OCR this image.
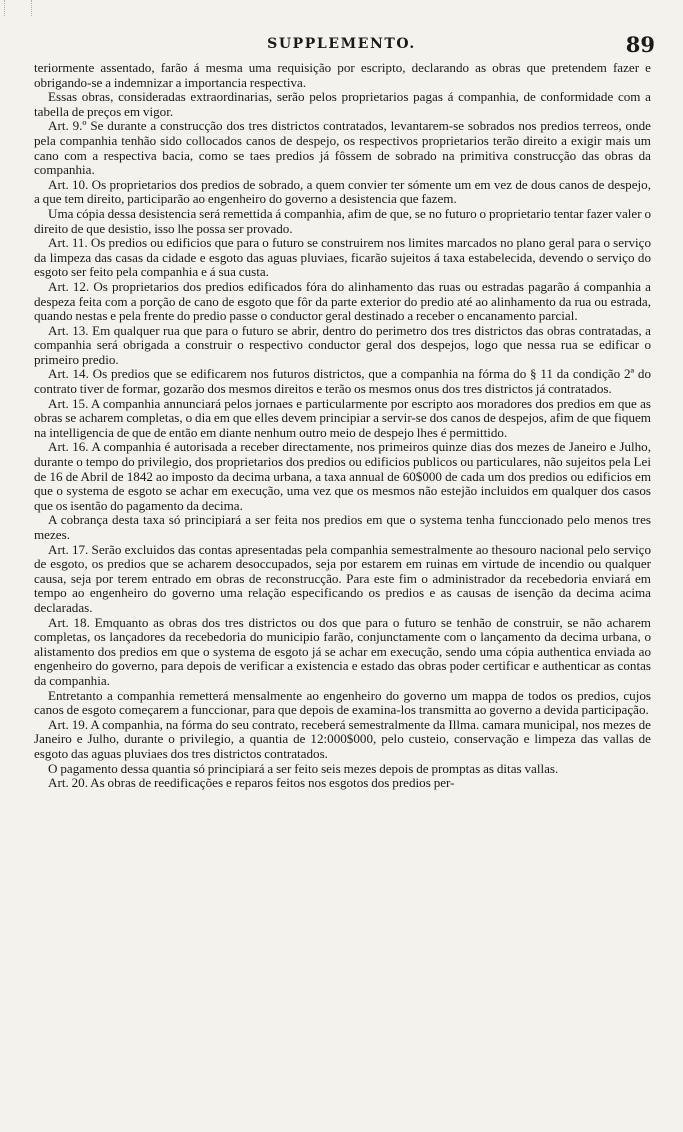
SUPPLEMENTO.	89

teriormente assentado, farão á mesma uma requisição por escripto, declarando as obras que pretendem fazer e obrigando-se a indemnizar a importancia respectiva.

Essas obras, consideradas extraordinarias, serão pelos proprietarios pagas á companhia, de conformidade com a tabella de preços em vigor.

Art. 9.º Se durante a construcção dos tres districtos contratados, levantarem-se sobrados nos predios terreos, onde pela companhia tenhão sido collocados canos de despejo, os respectivos proprietarios terão direito a exigir mais um cano com a respectiva bacia, como se taes predios já fôssem de sobrado na primitiva construcção das obras da companhia.

Art. 10. Os proprietarios dos predios de sobrado, a quem convier ter sómente um em vez de dous canos de despejo, a que tem direito, participarão ao engenheiro do governo a desistencia que fazem.

Uma cópia dessa desistencia será remettida á companhia, afim de que, se no futuro o proprietario tentar fazer valer o direito de que desistio, isso lhe possa ser provado.

Art. 11. Os predios ou edificios que para o futuro se construirem nos limites marcados no plano geral para o serviço da limpeza das casas da cidade e esgoto das aguas pluviaes, ficarão sujeitos á taxa estabelecida, devendo o serviço do esgoto ser feito pela companhia e á sua custa.

Art. 12. Os proprietarios dos predios edificados fóra do alinhamento das ruas ou estradas pagarão á companhia a despeza feita com a porção de cano de esgoto que fôr da parte exterior do predio até ao alinhamento da rua ou estrada, quando nestas e pela frente do predio passe o conductor geral destinado a receber o encanamento parcial.

Art. 13. Em qualquer rua que para o futuro se abrir, dentro do perimetro dos tres districtos das obras contratadas, a companhia será obrigada a construir o respectivo conductor geral dos despejos, logo que nessa rua se edificar o primeiro predio.

Art. 14. Os predios que se edificarem nos futuros districtos, que a companhia na fórma do § 11 da condição 2ª do contrato tiver de formar, gozarão dos mesmos direitos e terão os mesmos onus dos tres districtos já contratados.

Art. 15. A companhia annunciará pelos jornaes e particularmente por escripto aos moradores dos predios em que as obras se acharem completas, o dia em que elles devem principiar a servir-se dos canos de despejos, afim de que fiquem na intelligencia de que de então em diante nenhum outro meio de despejo lhes é permittido.

Art. 16. A companhia é autorisada a receber directamente, nos primeiros quinze dias dos mezes de Janeiro e Julho, durante o tempo do privilegio, dos proprietarios dos predios ou edificios publicos ou particulares, não sujeitos pela Lei de 16 de Abril de 1842 ao imposto da decima urbana, a taxa annual de 60$000 de cada um dos predios ou edificios em que o systema de esgoto se achar em execução, uma vez que os mesmos não estejão incluidos em qualquer dos casos que os isentão do pagamento da decima.

A cobrança desta taxa só principiará a ser feita nos predios em que o systema tenha funccionado pelo menos tres mezes.

Art. 17. Serão excluidos das contas apresentadas pela companhia semestralmente ao thesouro nacional pelo serviço de esgoto, os predios que se acharem desoccupados, seja por estarem em ruinas em virtude de incendio ou qualquer causa, seja por terem entrado em obras de reconstrucção. Para este fim o administrador da recebedoria enviará em tempo ao engenheiro do governo uma relação especificando os predios e as causas de isenção da decima acima declaradas.

Art. 18. Emquanto as obras dos tres districtos ou dos que para o futuro se tenhão de construir, se não acharem completas, os lançadores da recebedoria do municipio farão, conjunctamente com o lançamento da decima urbana, o alistamento dos predios em que o systema de esgoto já se achar em execução, sendo uma cópia authentica enviada ao engenheiro do governo, para depois de verificar a existencia e estado das obras poder certificar e authenticar as contas da companhia.

Entretanto a companhia remetterá mensalmente ao engenheiro do governo um mappa de todos os predios, cujos canos de esgoto começarem a funccionar, para que depois de examina-los transmitta ao governo a devida participação.

Art. 19. A companhia, na fórma do seu contrato, receberá semestralmente da Illma. camara municipal, nos mezes de Janeiro e Julho, durante o privilegio, a quantia de 12:000$000, pelo custeio, conservação e limpeza das vallas de esgoto das aguas pluviaes dos tres districtos contratados.

O pagamento dessa quantia só principiará a ser feito seis mezes depois de promptas as ditas vallas.

Art. 20. As obras de reedificações e reparos feitos nos esgotos dos predios per-
